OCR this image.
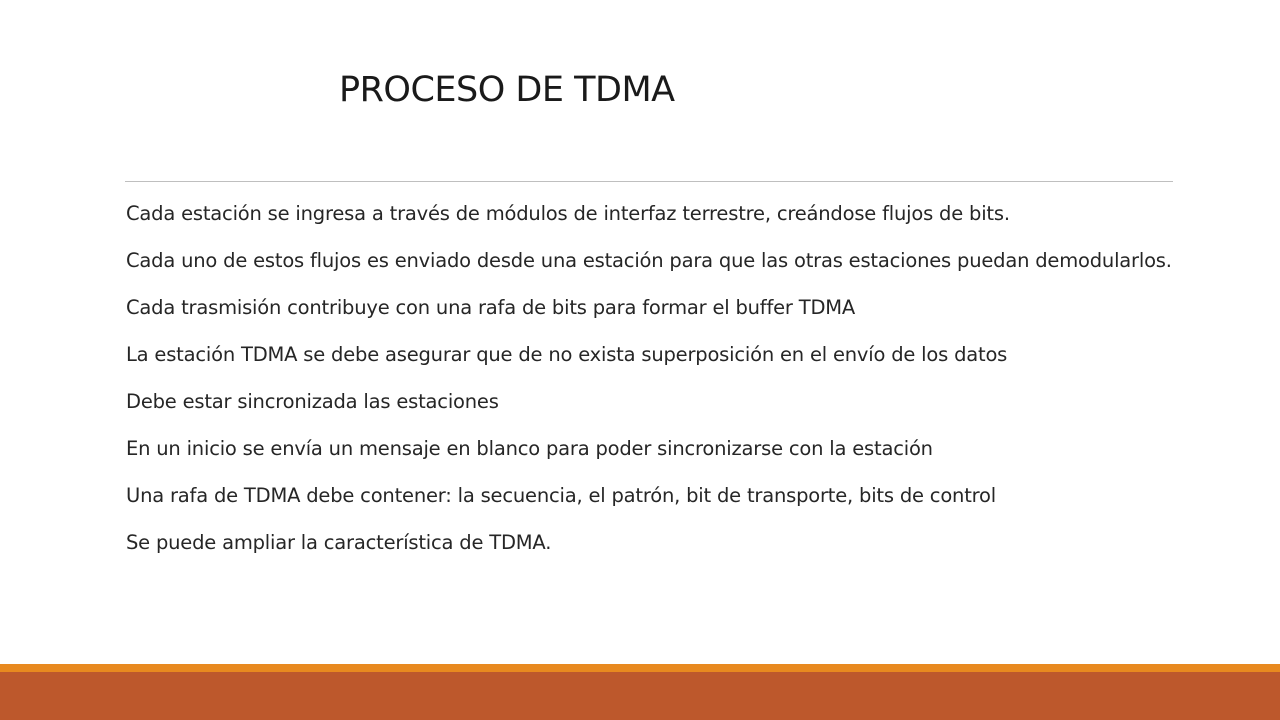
PROCESO DE TDMA
Cada estación se ingresa a través de módulos de interfaz terrestre, creándose flujos de bits.
Cada uno de estos flujos es enviado desde una estación para que las otras estaciones puedan demodularlos.
Cada trasmisión contribuye con una rafa de bits para formar el buffer TDMA
La estación TDMA se debe asegurar que de no exista superposición en el envío de los datos
Debe estar sincronizada las estaciones
En un inicio se envía un mensaje en blanco para poder sincronizarse con la estación
Una rafa de TDMA debe contener: la secuencia, el patrón, bit de transporte, bits de control
Se puede ampliar la característica de TDMA.
